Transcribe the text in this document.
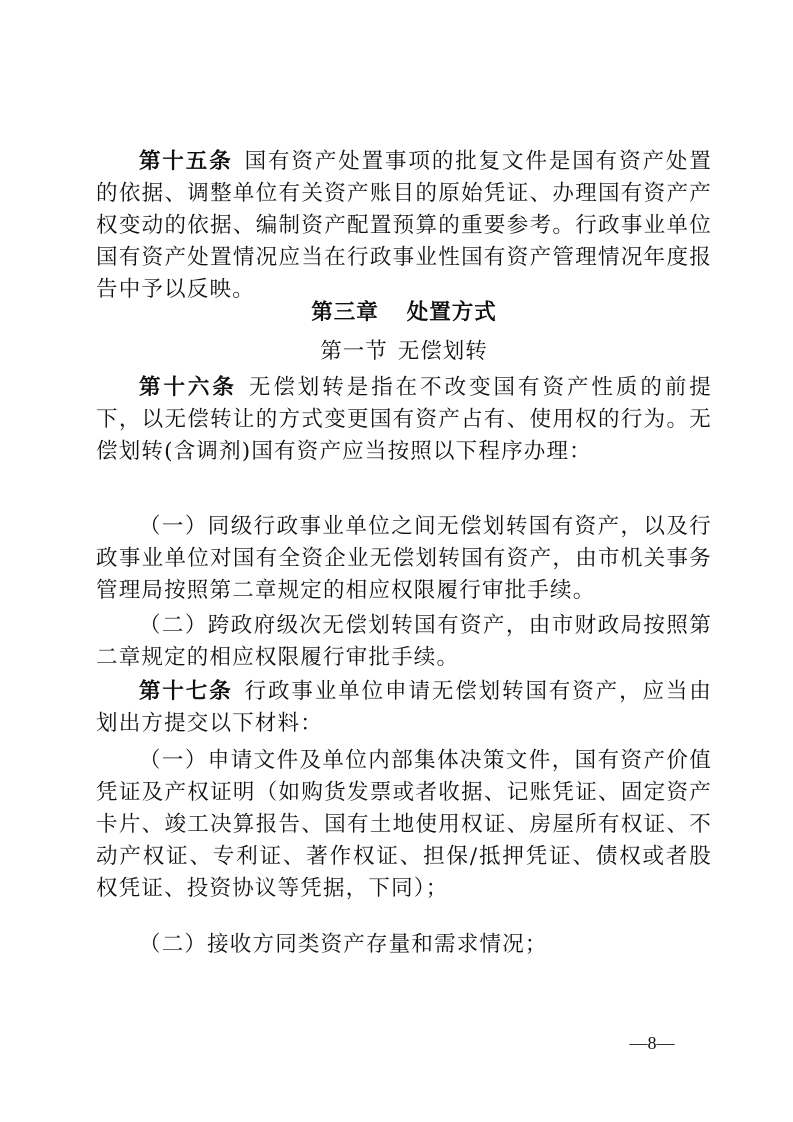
第十五条 国有资产处置事项的批复文件是国有资产处置的依据、调整单位有关资产账目的原始凭证、办理国有资产产权变动的依据、编制资产配置预算的重要参考。行政事业单位国有资产处置情况应当在行政事业性国有资产管理情况年度报告中予以反映。

第三章 处置方式
第一节 无偿划转

第十六条 无偿划转是指在不改变国有资产性质的前提下，以无偿转让的方式变更国有资产占有、使用权的行为。无偿划转(含调剂)国有资产应当按照以下程序办理：

（一）同级行政事业单位之间无偿划转国有资产，以及行政事业单位对国有全资企业无偿划转国有资产，由市机关事务管理局按照第二章规定的相应权限履行审批手续。

（二）跨政府级次无偿划转国有资产，由市财政局按照第二章规定的相应权限履行审批手续。

第十七条 行政事业单位申请无偿划转国有资产，应当由划出方提交以下材料：

（一）申请文件及单位内部集体决策文件，国有资产价值凭证及产权证明（如购货发票或者收据、记账凭证、固定资产卡片、竣工决算报告、国有土地使用权证、房屋所有权证、不动产权证、专利证、著作权证、担保/抵押凭证、债权或者股权凭证、投资协议等凭据，下同）；

（二）接收方同类资产存量和需求情况；

—8—
